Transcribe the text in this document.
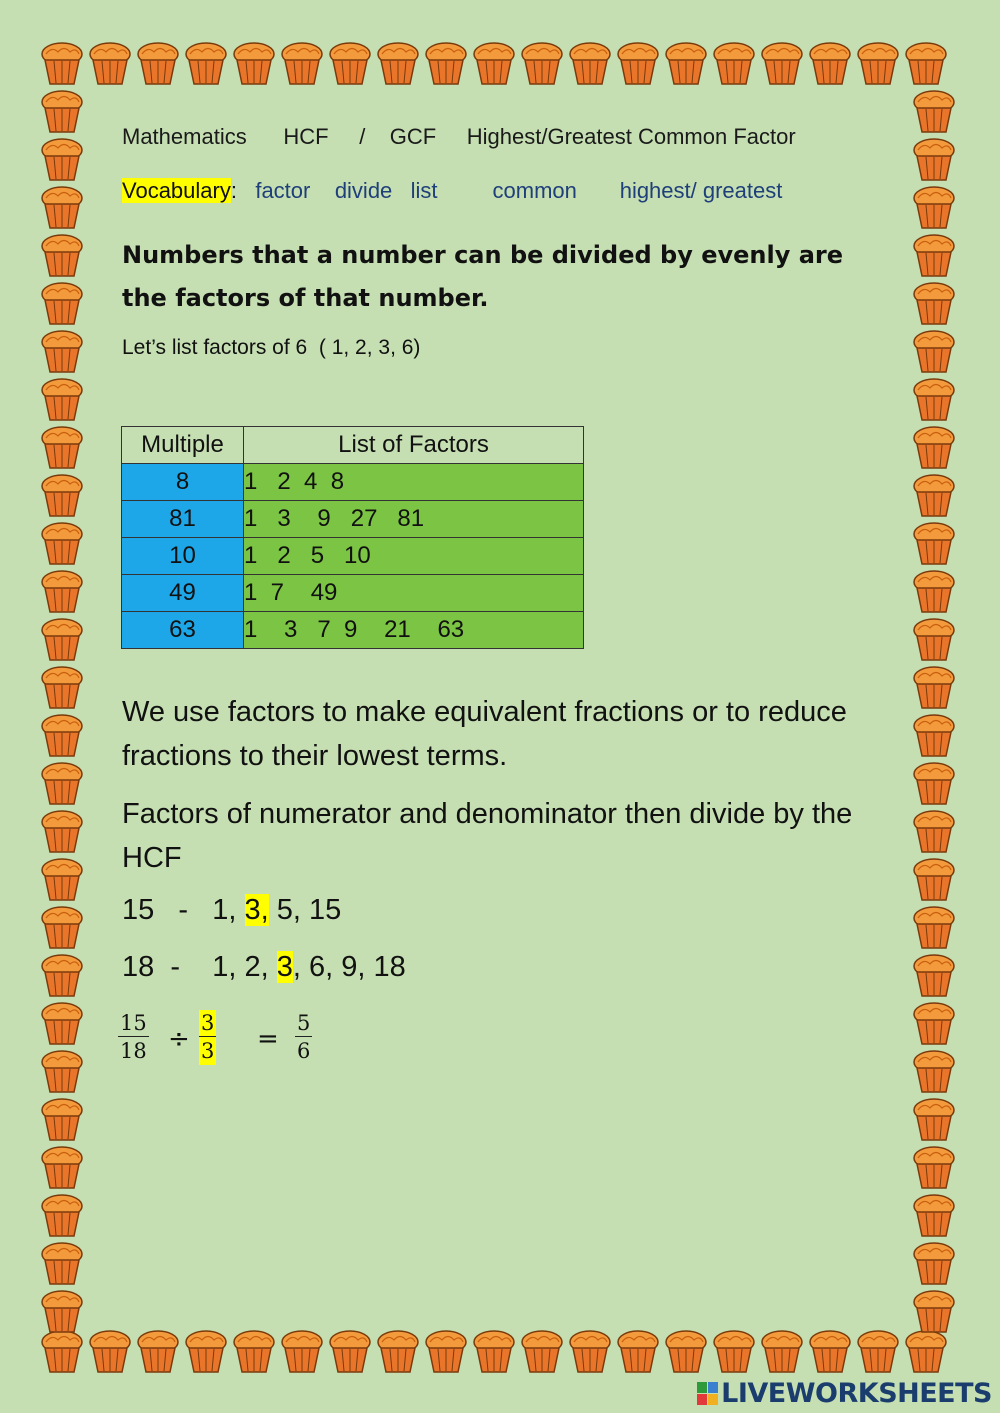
Mathematics HCF / GCF Highest/Greatest Common Factor
Vocabulary: factor divide list	common highest/ greatest
Numbers that a number can be divided by evenly are the factors of that number.
Let’s list factors of 6  ( 1, 2, 3, 6)
Multiple	List of Factors
8	1   2  4  8
81	1   3    9   27   81
10	1   2   5   10
49	1  7    49
63	1    3   7  9    21    63
We use factors to make equivalent fractions or to reduce fractions to their lowest terms.
Factors of numerator and denominator then divide by the HCF
15   -   1, 3, 5, 15
18  -    1, 2, 3, 6, 9, 18
$\frac{15}{18} \div \frac{3}{3} = \frac{5}{6}$
LIVEWORKSHEETS
